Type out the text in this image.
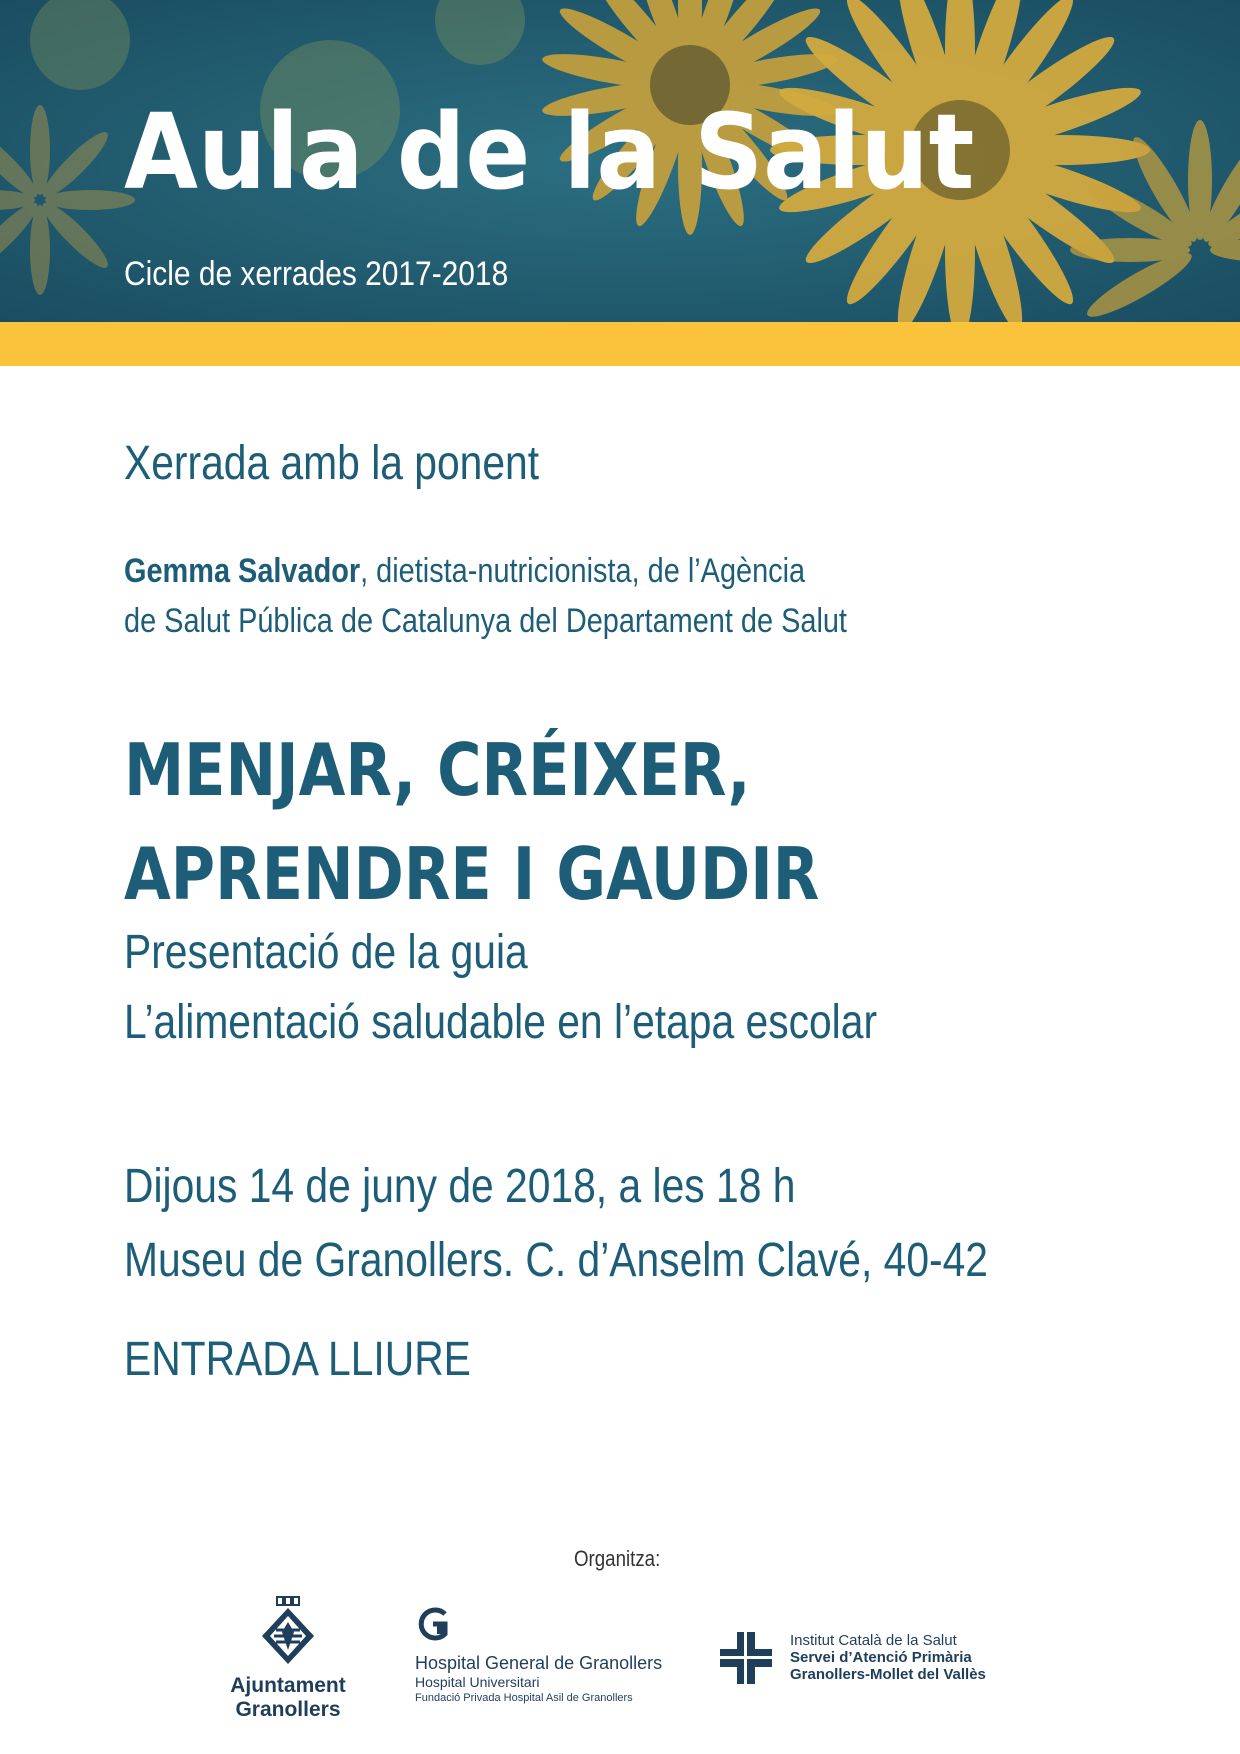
Aula de la Salut
Cicle de xerrades 2017-2018
Xerrada amb la ponent
Gemma Salvador, dietista-nutricionista, de l’Agència
de Salut Pública de Catalunya del Departament de Salut
MENJAR, CRÉIXER,
APRENDRE I GAUDIR
Presentació de la guia
L’alimentació saludable en l’etapa escolar
Dijous 14 de juny de 2018, a les 18 h
Museu de Granollers. C. d’Anselm Clavé, 40-42
ENTRADA LLIURE
Organitza:
Ajuntament
Granollers
Hospital General de Granollers
Hospital Universitari
Fundació Privada Hospital Asil de Granollers
Institut Català de la Salut
Servei d’Atenció Primària
Granollers-Mollet del Vallès
